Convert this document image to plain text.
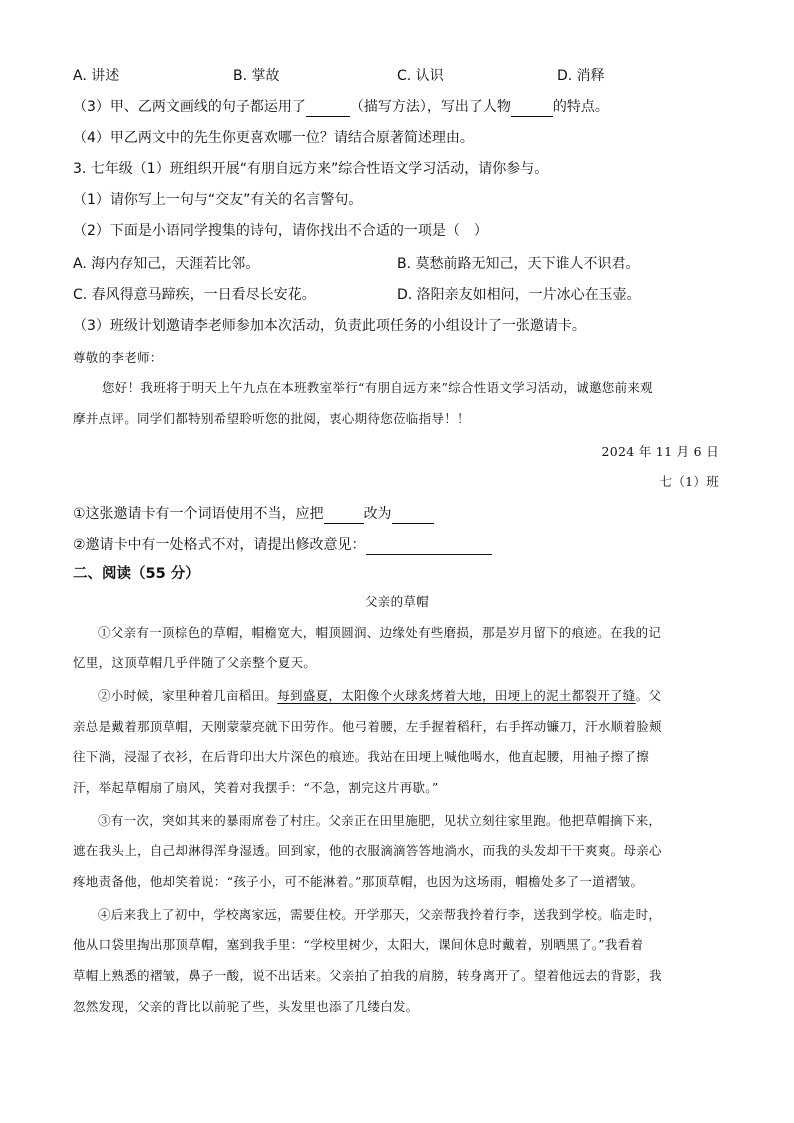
A. 讲述	B. 掌故	C. 认识	D. 消释
（3）甲、乙两文画线的句子都运用了	（描写方法），写出了人物	的特点。
（4）甲乙两文中的先生你更喜欢哪一位？请结合原著简述理由。
3. 七年级（1）班组织开展“有朋自远方来”综合性语文学习活动，请你参与。
（1）请你写上一句与“交友”有关的名言警句。
（2）下面是小语同学搜集的诗句，请你找出不合适的一项是（　）
A. 海内存知己，天涯若比邻。	B. 莫愁前路无知己，天下谁人不识君。
C. 春风得意马蹄疾，一日看尽长安花。	D. 洛阳亲友如相问，一片冰心在玉壶。
（3）班级计划邀请李老师参加本次活动，负责此项任务的小组设计了一张邀请卡。
尊敬的李老师：
您好！我班将于明天上午九点在本班教室举行“有朋自远方来”综合性语文学习活动，诚邀您前来观
摩并点评。同学们都特别希望聆听您的批阅，衷心期待您莅临指导！！
2024 年 11 月 6 日
七（1）班
①这张邀请卡有一个词语使用不当，应把	改为
②邀请卡中有一处格式不对，请提出修改意见：
二、阅读（55 分）
父亲的草帽
①父亲有一顶棕色的草帽，帽檐宽大，帽顶圆润、边缘处有些磨损，那是岁月留下的痕迹。在我的记
忆里，这顶草帽几乎伴随了父亲整个夏天。
②小时候，家里种着几亩稻田。每到盛夏，太阳像个火球炙烤着大地，田埂上的泥土都裂开了缝。父
亲总是戴着那顶草帽，天刚蒙蒙亮就下田劳作。他弓着腰，左手握着稻秆，右手挥动镰刀，汗水顺着脸颊
往下淌，浸湿了衣衫，在后背印出大片深色的痕迹。我站在田埂上喊他喝水，他直起腰，用袖子擦了擦
汗，举起草帽扇了扇风，笑着对我摆手：“不急，割完这片再歇。”
③有一次，突如其来的暴雨席卷了村庄。父亲正在田里施肥，见状立刻往家里跑。他把草帽摘下来，
遮在我头上，自己却淋得浑身湿透。回到家，他的衣服滴滴答答地淌水，而我的头发却干干爽爽。母亲心
疼地责备他，他却笑着说：“孩子小，可不能淋着。”那顶草帽，也因为这场雨，帽檐处多了一道褶皱。
④后来我上了初中，学校离家远，需要住校。开学那天，父亲帮我拎着行李，送我到学校。临走时，
他从口袋里掏出那顶草帽，塞到我手里：“学校里树少，太阳大，课间休息时戴着，别晒黑了。”我看着
草帽上熟悉的褶皱，鼻子一酸，说不出话来。父亲拍了拍我的肩膀，转身离开了。望着他远去的背影，我
忽然发现，父亲的背比以前驼了些，头发里也添了几缕白发。
